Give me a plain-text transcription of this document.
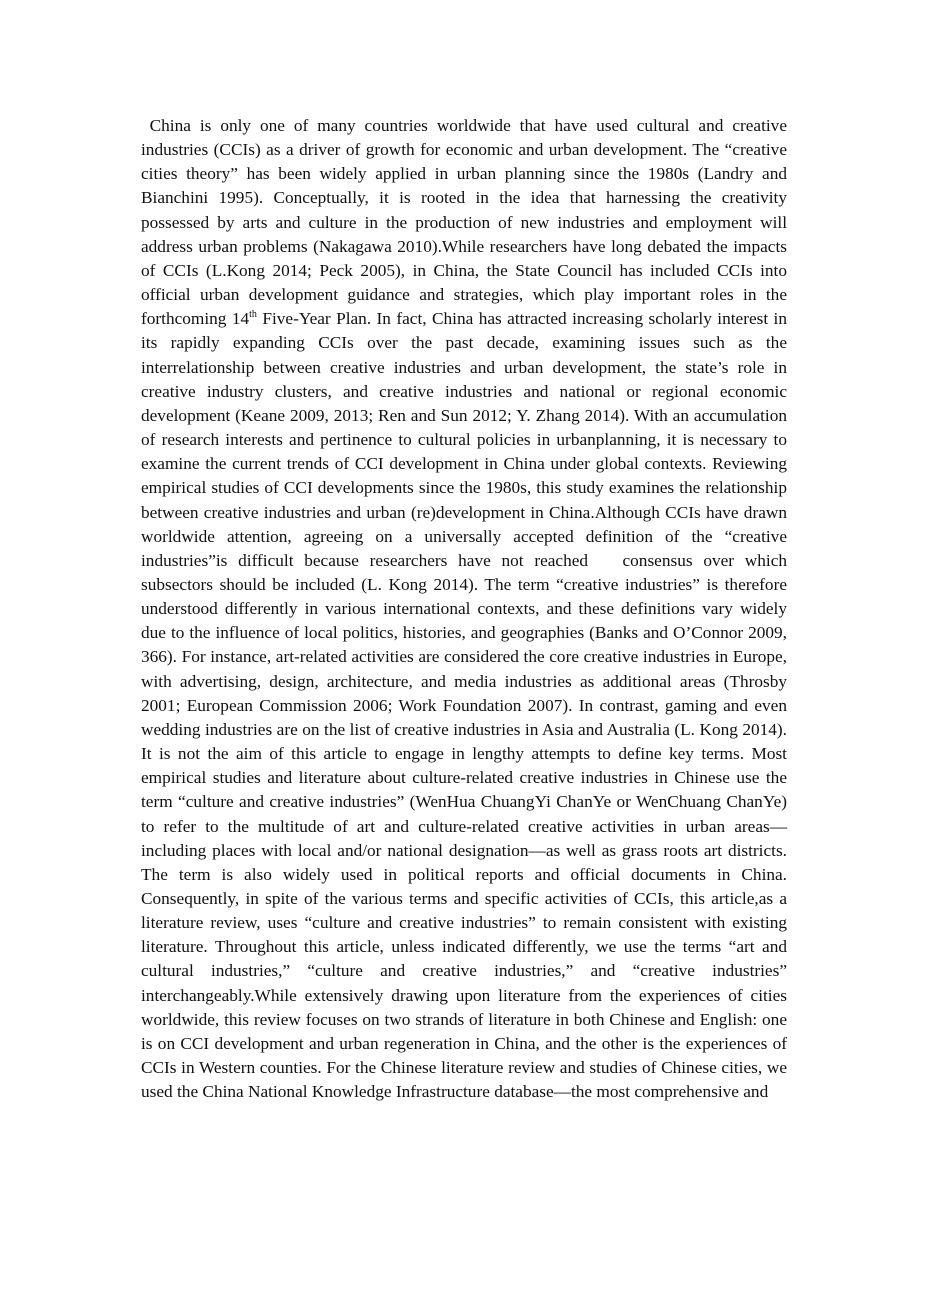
 China is only one of many countries worldwide that have used cultural and creative industries (CCIs) as a driver of growth for economic and urban development. The “creative cities theory” has been widely applied in urban planning since the 1980s (Landry and Bianchini 1995). Conceptually, it is rooted in the idea that harnessing the creativity possessed by arts and culture in the production of new industries and employment will address urban problems (Nakagawa 2010).While researchers have long debated the impacts of CCIs (L.Kong 2014; Peck 2005), in China, the State Council has included CCIs into official urban development guidance and strategies, which play important roles in the forthcoming 14th Five-Year Plan. In fact, China has attracted increasing scholarly interest in its rapidly expanding CCIs over the past decade, examining issues such as the interrelationship between creative industries and urban development, the state’s role in creative industry clusters, and creative industries and national or regional economic development (Keane 2009, 2013; Ren and Sun 2012; Y. Zhang 2014). With an accumulation of research interests and pertinence to cultural policies in urbanplanning, it is necessary to examine the current trends of CCI development in China under global contexts. Reviewing empirical studies of CCI developments since the 1980s, this study examines the relationship between creative industries and urban (re)development in China.Although CCIs have drawn worldwide attention, agreeing on a universally accepted definition of the “creative industries”is difficult because researchers have not reached 　consensus over which subsectors should be included (L. Kong 2014). The term “creative industries” is therefore understood differently in various international contexts, and these definitions vary widely due to the influence of local politics, histories, and geographies (Banks and O’Connor 2009, 366). For instance, art-related activities are considered the core creative industries in Europe, with advertising, design, architecture, and media industries as additional areas (Throsby 2001; European Commission 2006; Work Foundation 2007). In contrast, gaming and even wedding industries are on the list of creative industries in Asia and Australia (L. Kong 2014). It is not the aim of this article to engage in lengthy attempts to define key terms. Most empirical studies and literature about culture-related creative industries in Chinese use the term “culture and creative industries” (WenHua ChuangYi ChanYe or WenChuang ChanYe) to refer to the multitude of art and culture-related creative activities in urban areas—including places with local and/or national designation—as well as grass roots art districts. The term is also widely used in political reports and official documents in China. Consequently, in spite of the various terms and specific activities of CCIs, this article,as a literature review, uses “culture and creative industries” to remain consistent with existing literature. Throughout this article, unless indicated differently, we use the terms “art and cultural industries,” “culture and creative industries,” and “creative industries” interchangeably.While extensively drawing upon literature from the experiences of cities worldwide, this review focuses on two strands of literature in both Chinese and English: one is on CCI development and urban regeneration in China, and the other is the experiences of CCIs in Western counties. For the Chinese literature review and studies of Chinese cities, we used the China National Knowledge Infrastructure database—the most comprehensive and
